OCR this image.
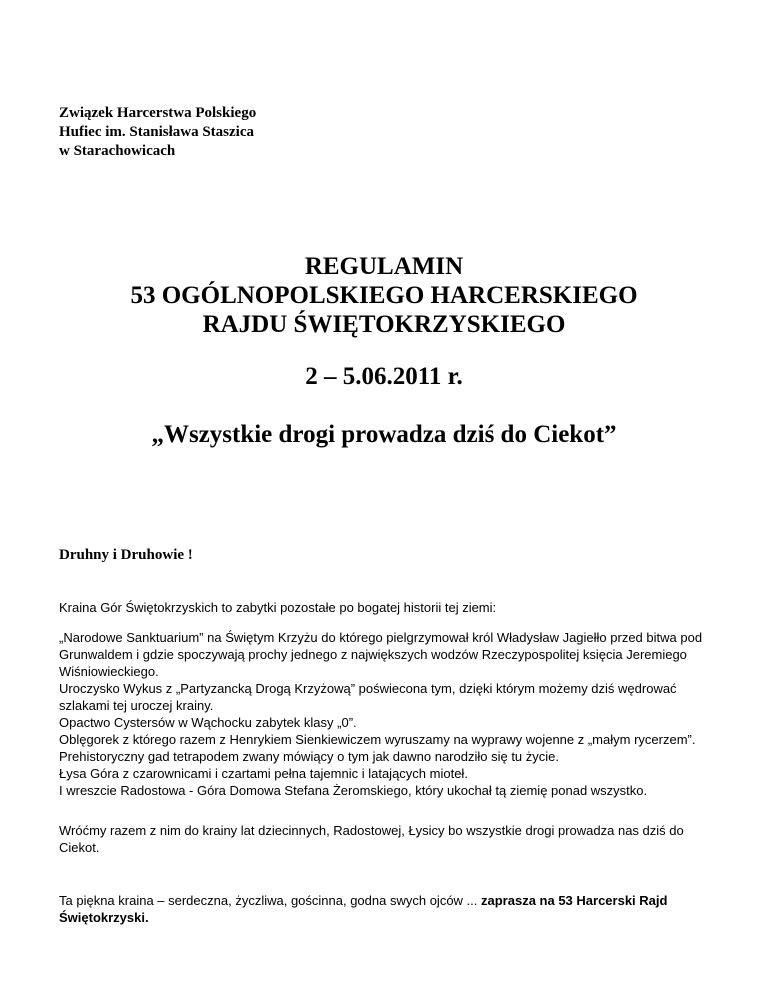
Związek Harcerstwa Polskiego
Hufiec im. Stanisława Staszica
w Starachowicach
REGULAMIN
53 OGÓLNOPOLSKIEGO HARCERSKIEGO
RAJDU ŚWIĘTOKRZYSKIEGO
2 – 5.06.2011 r.
„Wszystkie drogi prowadza dziś do Ciekot”
Druhny i Druhowie !
Kraina Gór Świętokrzyskich to zabytki pozostałe po bogatej historii tej ziemi:
„Narodowe Sanktuarium” na Świętym Krzyżu do którego pielgrzymował król Władysław Jagiełło przed bitwa pod Grunwaldem i gdzie spoczywają prochy jednego z największych wodzów Rzeczypospolitej księcia Jeremiego Wiśniowieckiego.
Uroczysko Wykus z „Partyzancką Drogą Krzyżową” poświecona tym, dzięki którym możemy dziś wędrować szlakami tej uroczej krainy.
Opactwo Cystersów w Wąchocku zabytek klasy „0”.
Oblęgorek z którego razem z Henrykiem Sienkiewiczem wyruszamy na wyprawy wojenne z „małym rycerzem”.
Prehistoryczny gad tetrapodem zwany mówiący o tym jak dawno narodziło się tu życie.
Łysa Góra z czarownicami i czartami pełna tajemnic i latających mioteł.
I wreszcie Radostowa - Góra Domowa Stefana Żeromskiego, który ukochał tą ziemię ponad wszystko.
Wróćmy razem z nim do krainy lat dziecinnych, Radostowej, Łysicy bo wszystkie drogi prowadza nas dziś do Ciekot.
Ta piękna kraina – serdeczna, życzliwa, gościnna, godna swych ojców ... zaprasza na 53 Harcerski Rajd Świętokrzyski.
